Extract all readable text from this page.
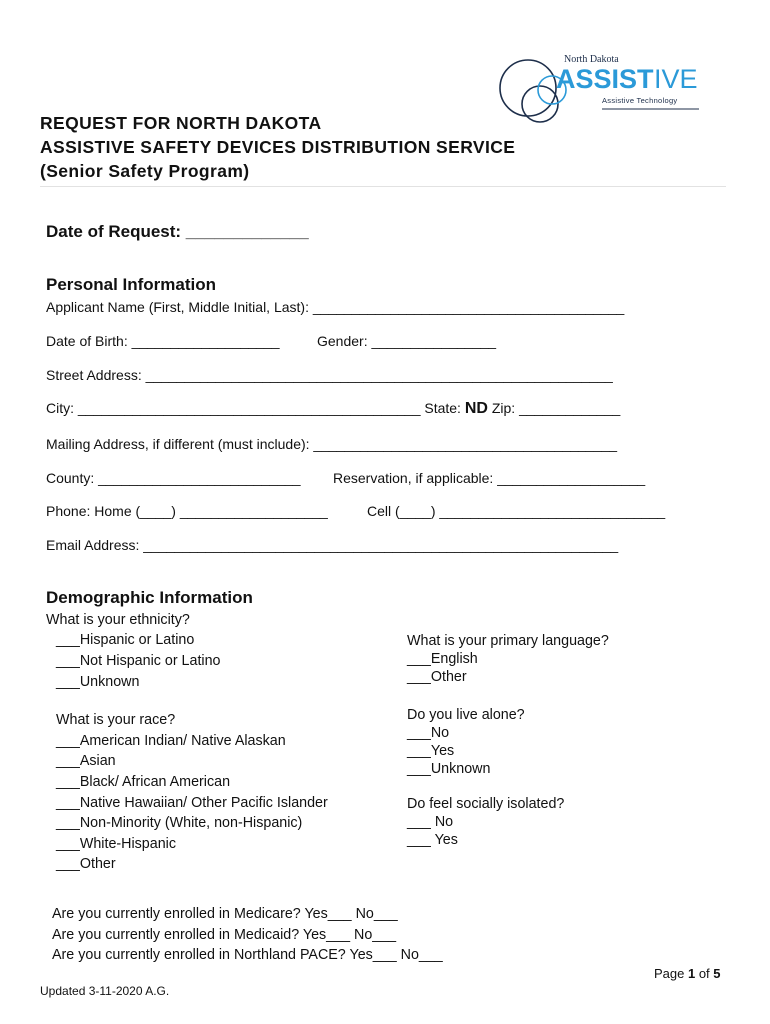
North Dakota
ASSIST IVE
Assistive Technology
REQUEST FOR NORTH DAKOTA
ASSISTIVE SAFETY DEVICES DISTRIBUTION SERVICE
(Senior Safety Program)
Date of Request: _____________
Personal Information
Applicant Name (First, Middle Initial, Last): ________________________________________
Date of Birth: ___________________	Gender: ________________
Street Address: ____________________________________________________________
City: ____________________________________________ State: ND Zip: _____________
Mailing Address, if different (must include): _______________________________________
County: __________________________ Reservation, if applicable: ___________________
Phone: Home (____) ___________________	Cell (____) _____________________________
Email Address: _____________________________________________________________
Demographic Information
What is your ethnicity?
___Hispanic or Latino
___Not Hispanic or Latino
___Unknown
What is your race?
___American Indian/ Native Alaskan
___Asian
___Black/ African American
___Native Hawaiian/ Other Pacific Islander
___Non-Minority (White, non-Hispanic)
___White-Hispanic
___Other
What is your primary language?
___English
___Other
Do you live alone?
___No
___Yes
___Unknown
Do feel socially isolated?
___ No
___ Yes
Are you currently enrolled in Medicare? Yes___ No___
Are you currently enrolled in Medicaid? Yes___ No___
Are you currently enrolled in Northland PACE? Yes___ No___
Page 1 of 5
Updated 3-11-2020 A.G.
